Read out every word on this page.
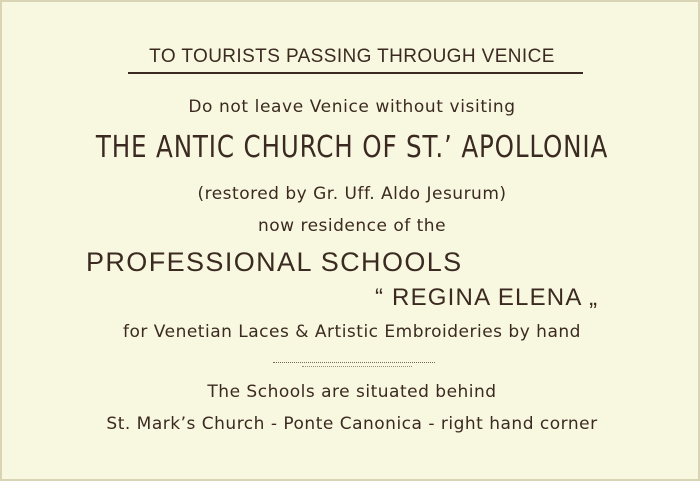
TO TOURISTS PASSING THROUGH VENICE

Do not leave Venice without visiting

THE ANTIC CHURCH OF ST.’ APOLLONIA

(restored by Gr. Uff. Aldo Jesurum)

now residence of the

PROFESSIONAL SCHOOLS

“ REGINA ELENA „

for Venetian Laces & Artistic Embroideries by hand

The Schools are situated behind

St. Mark’s Church - Ponte Canonica - right hand corner
